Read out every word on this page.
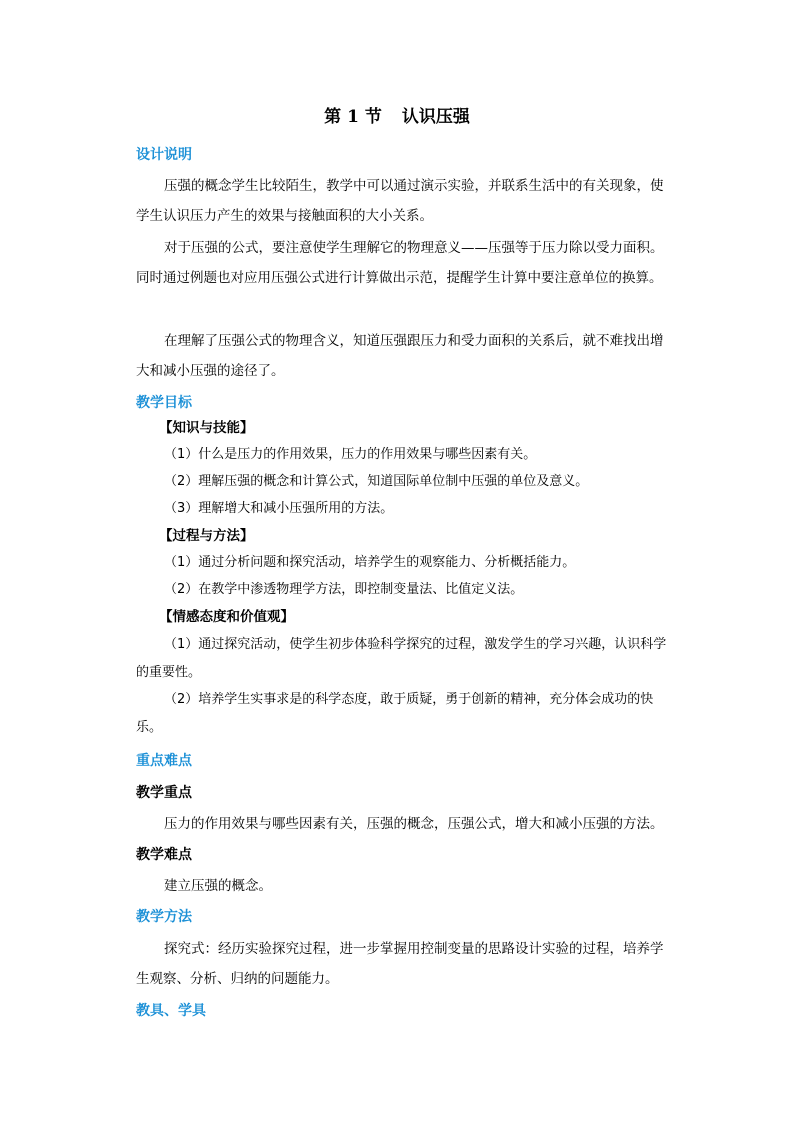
第 1 节 认识压强
设计说明

压强的概念学生比较陌生，教学中可以通过演示实验，并联系生活中的有关现象，使学生认识压力产生的效果与接触面积的大小关系。

对于压强的公式，要注意使学生理解它的物理意义——压强等于压力除以受力面积。同时通过例题也对应用压强公式进行计算做出示范，提醒学生计算中要注意单位的换算。

在理解了压强公式的物理含义，知道压强跟压力和受力面积的关系后，就不难找出增大和减小压强的途径了。

教学目标
【知识与技能】
（1）什么是压力的作用效果，压力的作用效果与哪些因素有关。
（2）理解压强的概念和计算公式，知道国际单位制中压强的单位及意义。
（3）理解增大和减小压强所用的方法。
【过程与方法】
（1）通过分析问题和探究活动，培养学生的观察能力、分析概括能力。
（2）在教学中渗透物理学方法，即控制变量法、比值定义法。
【情感态度和价值观】

（1）通过探究活动，使学生初步体验科学探究的过程，激发学生的学习兴趣，认识科学的重要性。

（2）培养学生实事求是的科学态度，敢于质疑，勇于创新的精神，充分体会成功的快乐。

重点难点
教学重点

压力的作用效果与哪些因素有关，压强的概念，压强公式，增大和减小压强的方法。

教学难点

建立压强的概念。

教学方法

探究式：经历实验探究过程，进一步掌握用控制变量的思路设计实验的过程，培养学生观察、分析、归纳的问题能力。

教具、学具
